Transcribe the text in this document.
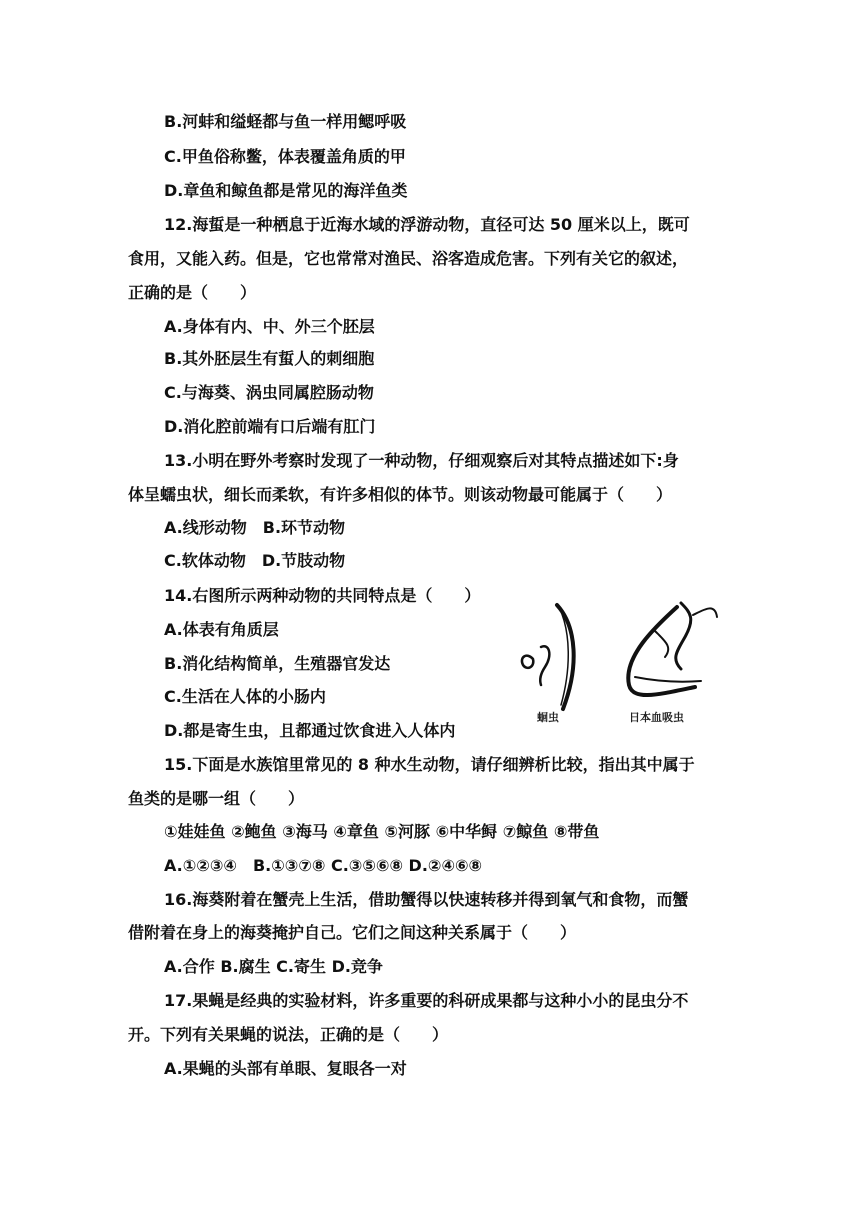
B.河蚌和缢蛏都与鱼一样用鳃呼吸
C.甲鱼俗称鳖，体表覆盖角质的甲
D.章鱼和鲸鱼都是常见的海洋鱼类
12.海蜇是一种栖息于近海水域的浮游动物，直径可达 50 厘米以上，既可
食用，又能入药。但是，它也常常对渔民、浴客造成危害。下列有关它的叙述，
正确的是（　　）
A.身体有内、中、外三个胚层
B.其外胚层生有蜇人的刺细胞
C.与海葵、涡虫同属腔肠动物
D.消化腔前端有口后端有肛门
13.小明在野外考察时发现了一种动物，仔细观察后对其特点描述如下:身
体呈蠕虫状，细长而柔软，有许多相似的体节。则该动物最可能属于（　　）
A.线形动物　B.环节动物
C.软体动物　D.节肢动物
14.右图所示两种动物的共同特点是（　　）
A.体表有角质层
B.消化结构简单，生殖器官发达
C.生活在人体的小肠内
D.都是寄生虫，且都通过饮食进入人体内
蛔虫	日本血吸虫
15.下面是水族馆里常见的 8 种水生动物，请仔细辨析比较，指出其中属于
鱼类的是哪一组（　　）
①娃娃鱼 ②鲍鱼 ③海马 ④章鱼 ⑤河豚 ⑥中华鲟 ⑦鲸鱼 ⑧带鱼
A.①②③④　B.①③⑦⑧ C.③⑤⑥⑧ D.②④⑥⑧
16.海葵附着在蟹壳上生活，借助蟹得以快速转移并得到氧气和食物，而蟹
借附着在身上的海葵掩护自己。它们之间这种关系属于（　　）
A.合作 B.腐生 C.寄生 D.竞争
17.果蝇是经典的实验材料，许多重要的科研成果都与这种小小的昆虫分不
开。下列有关果蝇的说法，正确的是（　　）
A.果蝇的头部有单眼、复眼各一对
